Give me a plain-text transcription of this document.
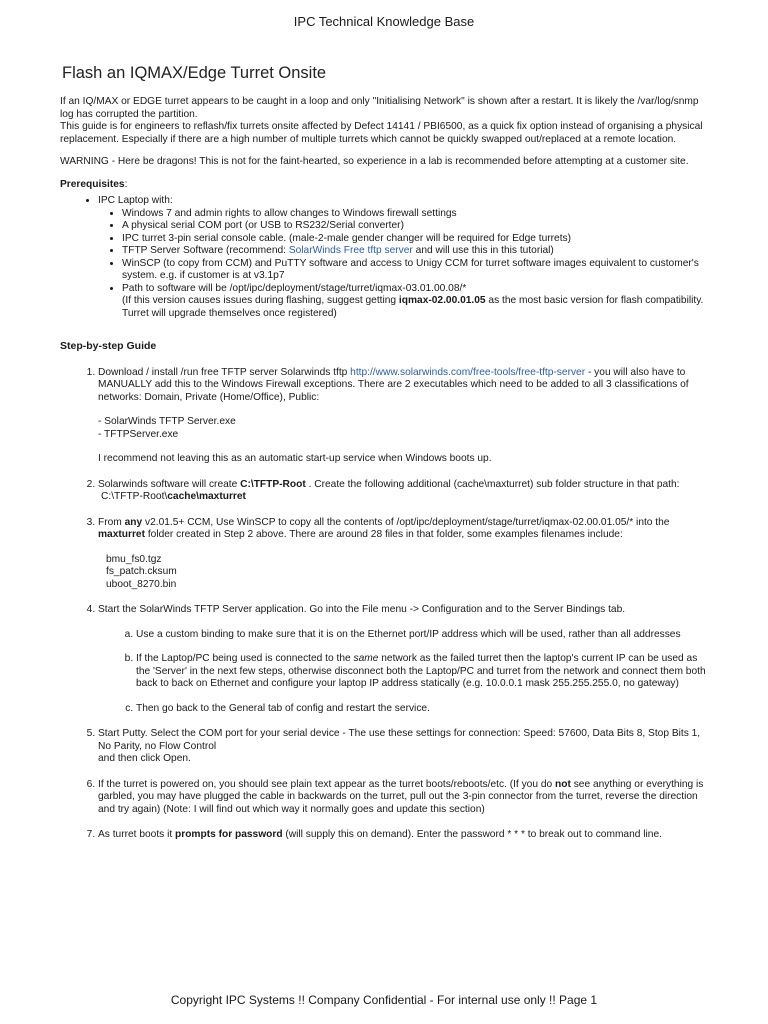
IPC Technical Knowledge Base
Flash an IQMAX/Edge Turret Onsite

If an IQ/MAX or EDGE turret appears to be caught in a loop and only "Initialising Network" is shown after a restart. It is likely the /var/log/snmp log has corrupted the partition.

This guide is for engineers to reflash/fix turrets onsite affected by Defect 14141 / PBI6500, as a quick fix option instead of organising a physical replacement. Especially if there are a high number of multiple turrets which cannot be quickly swapped out/replaced at a remote location.

WARNING - Here be dragons! This is not for the faint-hearted, so experience in a lab is recommended before attempting at a customer site.

Prerequisites:

• IPC Laptop with:
• Windows 7 and admin rights to allow changes to Windows firewall settings
• A physical serial COM port (or USB to RS232/Serial converter)
• IPC turret 3-pin serial console cable. (male-2-male gender changer will be required for Edge turrets)
• TFTP Server Software (recommend: SolarWinds Free tftp server and will use this in this tutorial)
• WinSCP (to copy from CCM) and PuTTY software and access to Unigy CCM for turret software images equivalent to customer's system. e.g. if customer is at v3.1p7
• Path to software will be /opt/ipc/deployment/stage/turret/iqmax-03.01.00.08/*
(If this version causes issues during flashing, suggest getting iqmax-02.00.01.05 as the most basic version for flash compatibility. Turret will upgrade themselves once registered)

Step-by-step Guide

1. Download / install /run free TFTP server Solarwinds tftp http://www.solarwinds.com/free-tools/free-tftp-server - you will also have to MANUALLY add this to the Windows Firewall exceptions. There are 2 executables which need to be added to all 3 classifications of networks: Domain, Private (Home/Office), Public:

- SolarWinds TFTP Server.exe

- TFTPServer.exe

I recommend not leaving this as an automatic start-up service when Windows boots up.

2. Solarwinds software will create C:\TFTP-Root . Create the following additional (cache\maxturret) sub folder structure in that path:

C:\TFTP-Root\cache\maxturret

3. From any v2.01.5+ CCM, Use WinSCP to copy all the contents of /opt/ipc/deployment/stage/turret/iqmax-02.00.01.05/* into the maxturret folder created in Step 2 above. There are around 28 files in that folder, some examples filenames include:

bmu_fs0.tgz

fs_patch.cksum

uboot_8270.bin

4. Start the SolarWinds TFTP Server application. Go into the File menu -> Configuration and to the Server Bindings tab.

a. Use a custom binding to make sure that it is on the Ethernet port/IP address which will be used, rather than all addresses
b. If the Laptop/PC being used is connected to the same network as the failed turret then the laptop's current IP can be used as the 'Server' in the next few steps, otherwise disconnect both the Laptop/PC and turret from the network and connect them both back to back on Ethernet and configure your laptop IP address statically (e.g. 10.0.0.1 mask 255.255.255.0, no gateway)
c. Then go back to the General tab of config and restart the service.

5. Start Putty. Select the COM port for your serial device - The use these settings for connection: Speed: 57600, Data Bits 8, Stop Bits 1, No Parity, no Flow Control

and then click Open.

6. If the turret is powered on, you should see plain text appear as the turret boots/reboots/etc. (If you do not see anything or everything is garbled, you may have plugged the cable in backwards on the turret, pull out the 3-pin connector from the turret, reverse the direction and try again) (Note: I will find out which way it normally goes and update this section)

7. As turret boots it prompts for password (will supply this on demand). Enter the password * * * to break out to command line.

Copyright IPC Systems !! Company Confidential - For internal use only !! Page 1
